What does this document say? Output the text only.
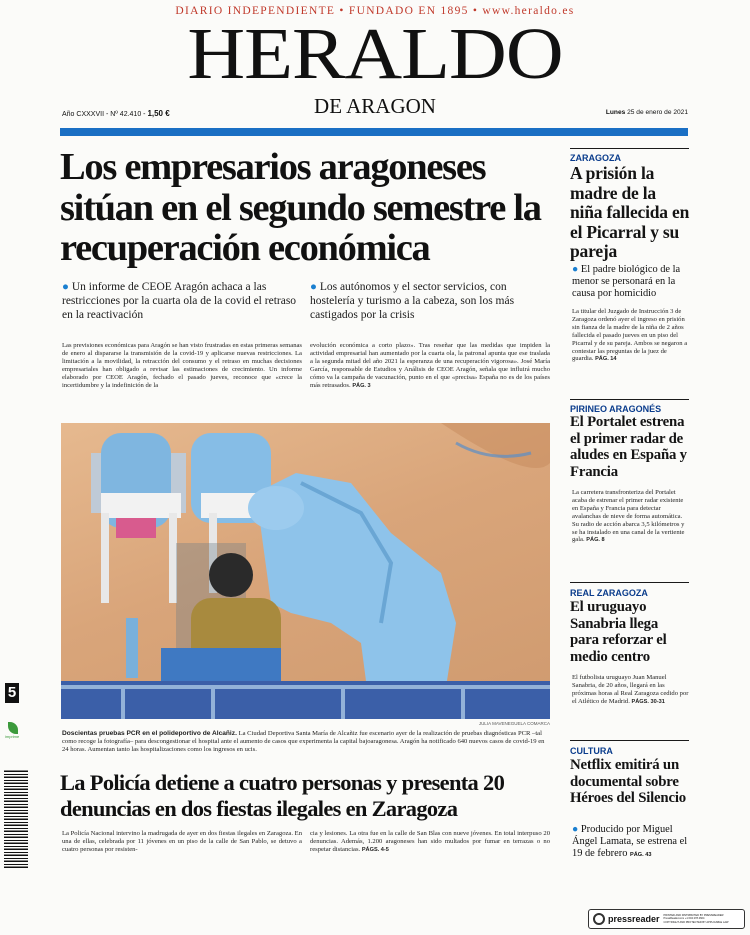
DIARIO INDEPENDIENTE • FUNDADO EN 1895 • www.heraldo.es
HERALDO
DE ARAGON
Año CXXXVII - Nº 42.410 - 1,50 €	Lunes 25 de enero de 2021
Los empresarios aragoneses sitúan en el segundo semestre la recuperación económica
● Un informe de CEOE Aragón achaca a las restricciones por la cuarta ola de la covid el retraso en la reactivación
● Los autónomos y el sector servicios, con hostelería y turismo a la cabeza, son los más castigados por la crisis
Las previsiones económicas para Aragón se han visto frustradas en estas primeras semanas de enero al dispararse la transmisión de la covid-19 y aplicarse nuevas restricciones. La limitación a la movilidad, la retracción del consumo y el retraso en muchas decisiones empresariales han obligado a revisar las estimaciones de crecimiento. Un informe elaborado por CEOE Aragón, fechado el pasado jueves, reconoce que «crece la incertidumbre y la indefinición de la
evolución económica a corto plazo». Tras reseñar que las medidas que impiden la actividad empresarial han aumentado por la cuarta ola, la patronal apunta que ese traslada a la segunda mitad del año 2021 la esperanza de una recuperación vigorosa». José María García, responsable de Estudios y Análisis de CEOE Aragón, señala que influirá mucho cómo va la campaña de vacunación, punto en el que «precisa» España no es de los países más retrasados. PÁG. 3
JULIA MAVENEGUELA COMARCA
Doscientas pruebas PCR en el polideportivo de Alcañiz. La Ciudad Deportiva Santa María de Alcañiz fue escenario ayer de la realización de pruebas diagnósticas PCR –tal como recoge la fotografía– para descongestionar el hospital ante el aumento de casos que experimenta la capital bajoaragonesa. Aragón ha notificado 640 nuevos casos de covid-19 en 24 horas. Aumentan tanto las hospitalizaciones como los ingresos en ucis.
La Policía detiene a cuatro personas y presenta 20 denuncias en dos fiestas ilegales en Zaragoza
La Policía Nacional intervino la madrugada de ayer en dos fiestas ilegales en Zaragoza. En una de ellas, celebrada por 11 jóvenes en un piso de la calle de San Pablo, se detuvo a cuatro personas por resisten-
cia y lesiones. La otra fue en la calle de San Blas con nueve jóvenes. En total interpuso 20 denuncias. Además, 1.200 aragoneses han sido multados por fumar en terrazas o no respetar distancias. PÁGS. 4-5
ZARAGOZA
A prisión la madre de la niña fallecida en el Picarral y su pareja
● El padre biológico de la menor se personará en la causa por homicidio
La titular del Juzgado de Instrucción 3 de Zaragoza ordenó ayer el ingreso en prisión sin fianza de la madre de la niña de 2 años fallecida el pasado jueves en un piso del Picarral y de su pareja. Ambos se negaron a contestar las preguntas de la juez de guardia. PÁG. 14
PIRINEO ARAGONÉS
El Portalet estrena el primer radar de aludes en España y Francia
La carretera transfronteriza del Portalet acaba de estrenar el primer radar existente en España y Francia para detectar avalanchas de nieve de forma automática. Su radio de acción abarca 3,5 kilómetros y se ha instalado en una canal de la vertiente gala. PÁG. 8
REAL ZARAGOZA
El uruguayo Sanabria llega para reforzar el medio centro
El futbolista uruguayo Juan Manuel Sanabria, de 20 años, llegará en las próximas horas al Real Zaragoza cedido por el Atlético de Madrid. PÁGS. 30-31
CULTURA
Netflix emitirá un documental sobre Héroes del Silencio
● Producido por Miguel Ángel Lamata, se estrena el 19 de febrero PÁG. 43
5
imprime
pressreader PRINTED AND DISTRIBUTED BY PRESSREADER
PressReader.com +1 604 278 4604
COPYRIGHT AND PROTECTED BY APPLICABLE LAW
